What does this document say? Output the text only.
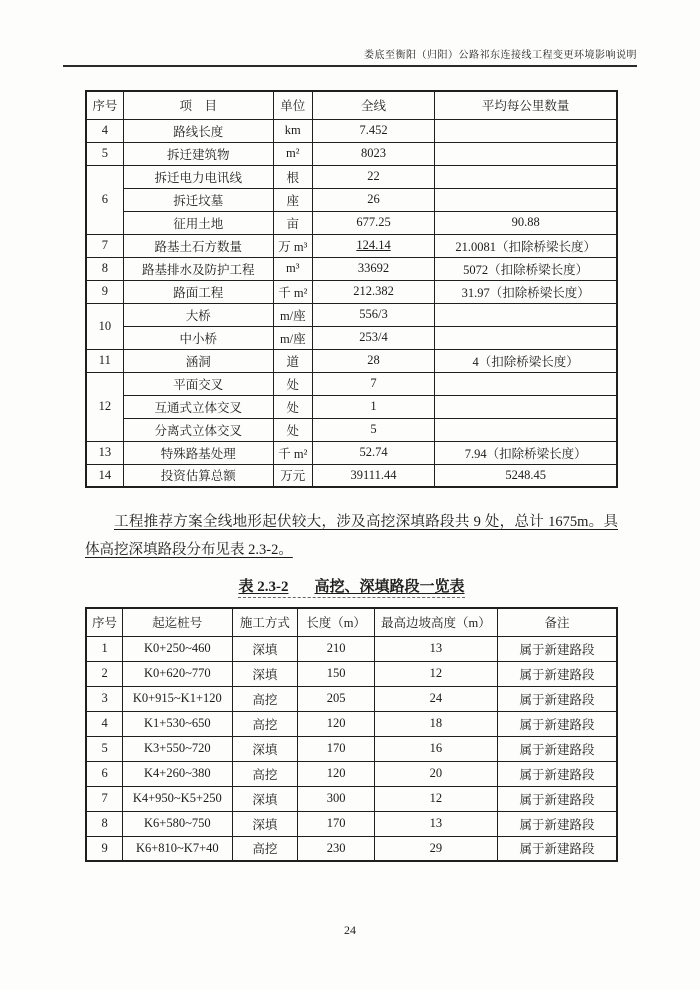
娄底至衡阳（归阳）公路祁东连接线工程变更环境影响说明
序号	项　目	单位	全线	平均每公里数量
4	路线长度	km	7.452	
5	拆迁建筑物	m²	8023	
6	拆迁电力电讯线	根	22	
	拆迁坟墓	座	26	
	征用土地	亩	677.25	90.88
7	路基土石方数量	万 m³	124.14	21.0081（扣除桥梁长度）
8	路基排水及防护工程	m³	33692	5072（扣除桥梁长度）
9	路面工程	千 m²	212.382	31.97（扣除桥梁长度）
10	大桥	m/座	556/3	
	中小桥	m/座	253/4	
11	涵洞	道	28	4（扣除桥梁长度）
12	平面交叉	处	7	
	互通式立体交叉	处	1	
	分离式立体交叉	处	5	
13	特殊路基处理	千 m²	52.74	7.94（扣除桥梁长度）
14	投资估算总额	万元	39111.44	5248.45

工程推荐方案全线地形起伏较大，涉及高挖深填路段共 9 处，总计 1675m。具体高挖深填路段分布见表 2.3-2。

表 2.3-2 高挖、深填路段一览表
序号	起迄桩号	施工方式	长度（m）	最高边坡高度（m）	备注
1	K0+250~460	深填	210	13	属于新建路段
2	K0+620~770	深填	150	12	属于新建路段
3	K0+915~K1+120	高挖	205	24	属于新建路段
4	K1+530~650	高挖	120	18	属于新建路段
5	K3+550~720	深填	170	16	属于新建路段
6	K4+260~380	高挖	120	20	属于新建路段
7	K4+950~K5+250	深填	300	12	属于新建路段
8	K6+580~750	深填	170	13	属于新建路段
9	K6+810~K7+40	高挖	230	29	属于新建路段
24
